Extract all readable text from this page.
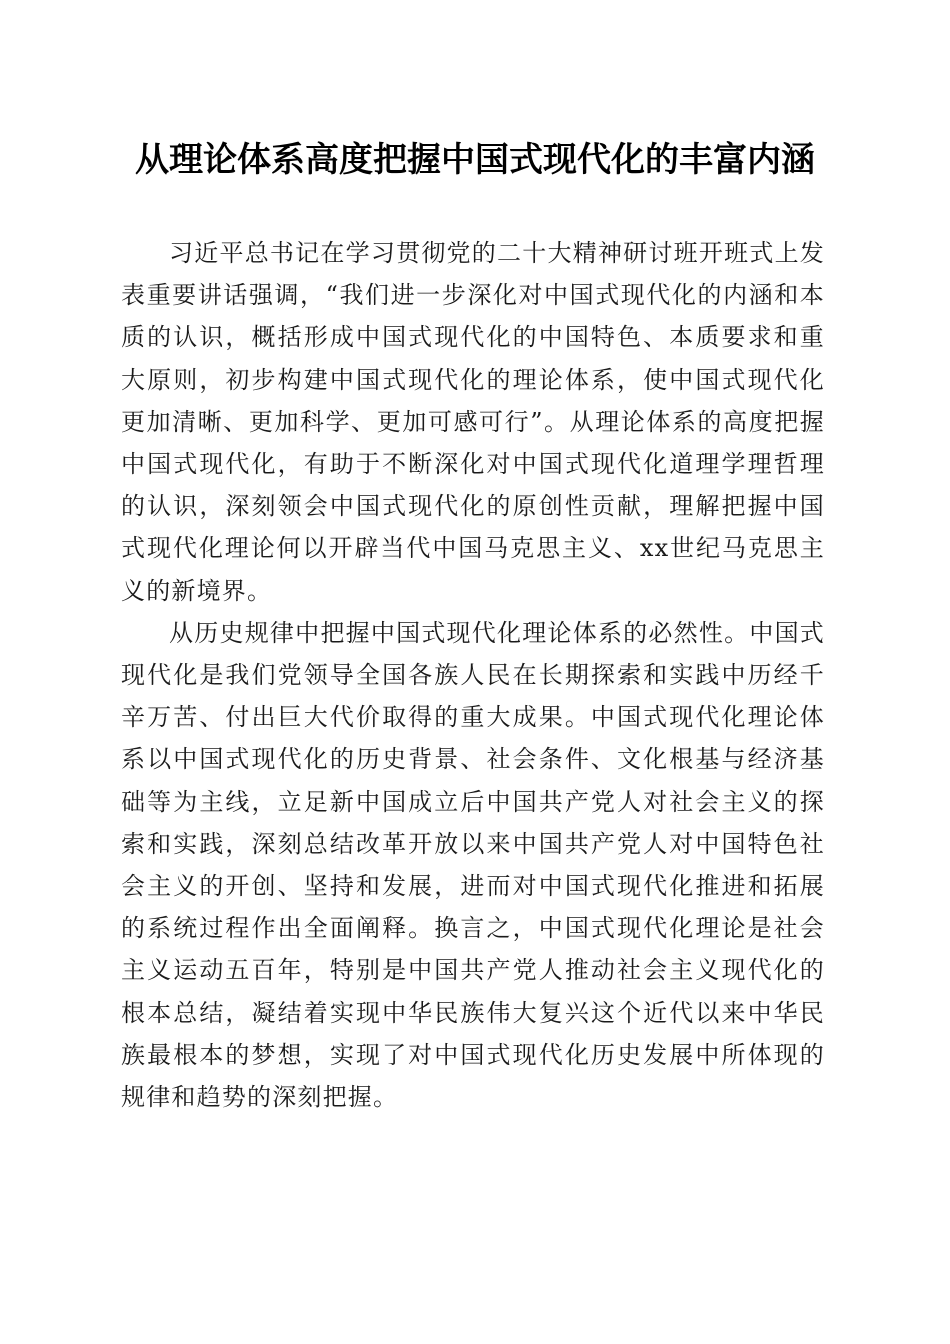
从理论体系高度把握中国式现代化的丰富内涵

习近平总书记在学习贯彻党的二十大精神研讨班开班式上发表重要讲话强调，“我们进一步深化对中国式现代化的内涵和本质的认识，概括形成中国式现代化的中国特色、本质要求和重大原则，初步构建中国式现代化的理论体系，使中国式现代化更加清晰、更加科学、更加可感可行”。从理论体系的高度把握中国式现代化，有助于不断深化对中国式现代化道理学理哲理的认识，深刻领会中国式现代化的原创性贡献，理解把握中国式现代化理论何以开辟当代中国马克思主义、xx世纪马克思主义的新境界。

从历史规律中把握中国式现代化理论体系的必然性。中国式现代化是我们党领导全国各族人民在长期探索和实践中历经千辛万苦、付出巨大代价取得的重大成果。中国式现代化理论体系以中国式现代化的历史背景、社会条件、文化根基与经济基础等为主线，立足新中国成立后中国共产党人对社会主义的探索和实践，深刻总结改革开放以来中国共产党人对中国特色社会主义的开创、坚持和发展，进而对中国式现代化推进和拓展的系统过程作出全面阐释。换言之，中国式现代化理论是社会主义运动五百年，特别是中国共产党人推动社会主义现代化的根本总结，凝结着实现中华民族伟大复兴这个近代以来中华民族最根本的梦想，实现了对中国式现代化历史发展中所体现的规律和趋势的深刻把握。
